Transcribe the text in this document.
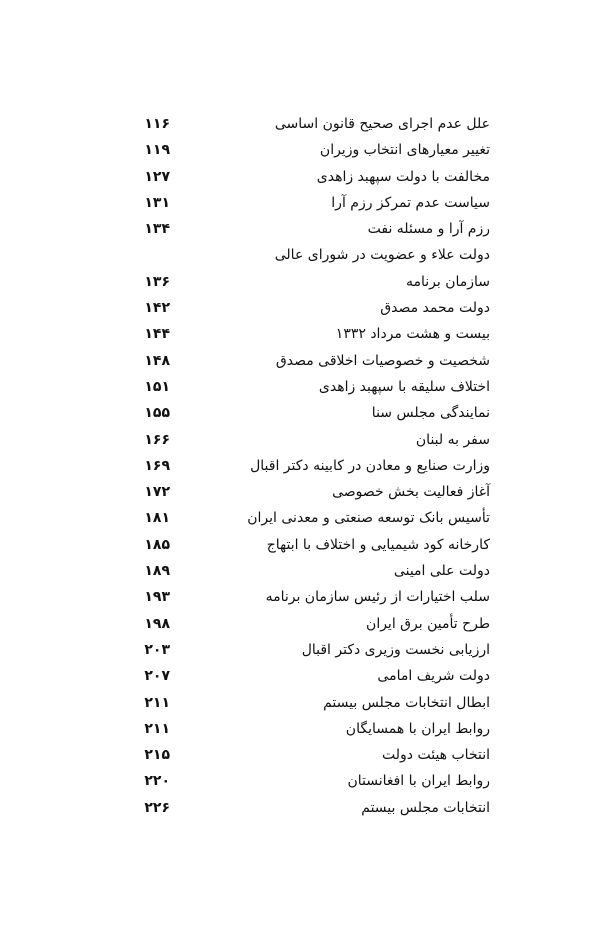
علل عدم اجرای صحیح قانون اساسی
۱۱۶
تغییر معیارهای انتخاب وزیران
۱۱۹
مخالفت با دولت سپهبد زاهدی
۱۲۷
سیاست عدم تمرکز رزم آرا
۱۳۱
رزم آرا و مسئله نفت
۱۳۴
دولت علاء و عضویت در شورای عالی
سازمان برنامه
۱۳۶
دولت محمد مصدق
۱۴۲
بیست و هشت مرداد ۱۳۳۲
۱۴۴
شخصیت و خصوصیات اخلاقی مصدق
۱۴۸
اختلاف سلیقه با سپهبد زاهدی
۱۵۱
نمایندگی مجلس سنا
۱۵۵
سفر به لبنان
۱۶۶
وزارت صنایع و معادن در کابینه دکتر اقبال
۱۶۹
آغاز فعالیت بخش خصوصی
۱۷۲
تأسیس بانک توسعه صنعتی و معدنی ایران
۱۸۱
کارخانه کود شیمیایی و اختلاف با ابتهاج
۱۸۵
دولت علی امینی
۱۸۹
سلب اختیارات از رئیس سازمان برنامه
۱۹۳
طرح تأمین برق ایران
۱۹۸
ارزیابی نخست وزیری دکتر اقبال
۲۰۳
دولت شریف امامی
۲۰۷
ابطال انتخابات مجلس بیستم
۲۱۱
روابط ایران با همسایگان
۲۱۱
انتخاب هیئت دولت
۲۱۵
روابط ایران با افغانستان
۲۲۰
انتخابات مجلس بیستم
۲۲۶
